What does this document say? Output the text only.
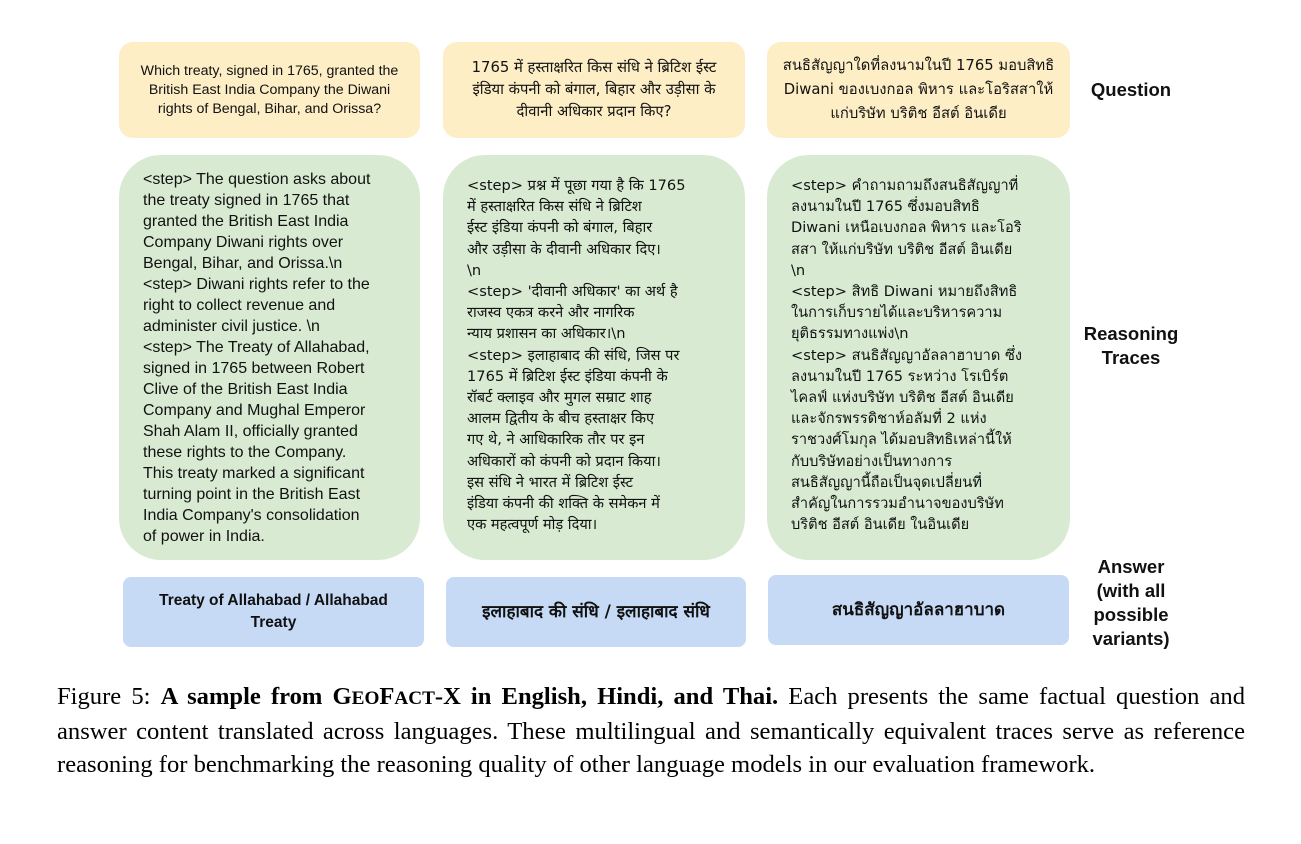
Which treaty, signed in 1765, granted the British East India Company the Diwani rights of Bengal, Bihar, and Orissa?
1765 में हस्ताक्षरित किस संधि ने ब्रिटिश ईस्ट इंडिया कंपनी को बंगाल, बिहार और उड़ीसा के दीवानी अधिकार प्रदान किए?
สนธิสัญญาใดที่ลงนามในปี 1765 มอบสิทธิ Diwani ของเบงกอล พิหาร และโอริสสาให้แก่บริษัท บริติช อีสต์ อินเดีย
Question
<step> The question asks about
the treaty signed in 1765 that
granted the British East India
Company Diwani rights over
Bengal, Bihar, and Orissa.\n
<step> Diwani rights refer to the
right to collect revenue and
administer civil justice. \n
<step> The Treaty of Allahabad,
signed in 1765 between Robert
Clive of the British East India
Company and Mughal Emperor
Shah Alam II, officially granted
these rights to the Company.
This treaty marked a significant
turning point in the British East
India Company's consolidation
of power in India.
<step> प्रश्न में पूछा गया है कि 1765
में हस्ताक्षरित किस संधि ने ब्रिटिश
ईस्ट इंडिया कंपनी को बंगाल, बिहार
और उड़ीसा के दीवानी अधिकार दिए।
\n
<step> 'दीवानी अधिकार' का अर्थ है
राजस्व एकत्र करने और नागरिक
न्याय प्रशासन का अधिकार।\n
<step> इलाहाबाद की संधि, जिस पर
1765 में ब्रिटिश ईस्ट इंडिया कंपनी के
रॉबर्ट क्लाइव और मुगल सम्राट शाह
आलम द्वितीय के बीच हस्ताक्षर किए
गए थे, ने आधिकारिक तौर पर इन
अधिकारों को कंपनी को प्रदान किया।
इस संधि ने भारत में ब्रिटिश ईस्ट
इंडिया कंपनी की शक्ति के समेकन में
एक महत्वपूर्ण मोड़ दिया।
<step> คำถามถามถึงสนธิสัญญาที่
ลงนามในปี 1765 ซึ่งมอบสิทธิ
Diwani เหนือเบงกอล พิหาร และโอริ
สสา ให้แก่บริษัท บริติช อีสต์ อินเดีย
\n
<step> สิทธิ Diwani หมายถึงสิทธิ
ในการเก็บรายได้และบริหารความ
ยุติธรรมทางแพ่ง\n
<step> สนธิสัญญาอัลลาฮาบาด ซึ่ง
ลงนามในปี 1765 ระหว่าง โรเบิร์ต
ไคลฟ์ แห่งบริษัท บริติช อีสต์ อินเดีย
และจักรพรรดิชาห์อลัมที่ 2 แห่ง
ราชวงศ์โมกุล ได้มอบสิทธิเหล่านี้ให้
กับบริษัทอย่างเป็นทางการ
สนธิสัญญานี้ถือเป็นจุดเปลี่ยนที่
สำคัญในการรวมอำนาจของบริษัท
บริติช อีสต์ อินเดีย ในอินเดีย
Reasoning
Traces
Treaty of Allahabad / Allahabad Treaty
इलाहाबाद की संधि / इलाहाबाद संधि	สนธิสัญญาอัลลาฮาบาด
Answer
(with all
possible
variants)
Figure 5: A sample from GEOFACT-X in English, Hindi, and Thai. Each presents the same factual question and answer content translated across languages. These multilingual and semantically equivalent traces serve as reference reasoning for benchmarking the reasoning quality of other language models in our evaluation framework.
